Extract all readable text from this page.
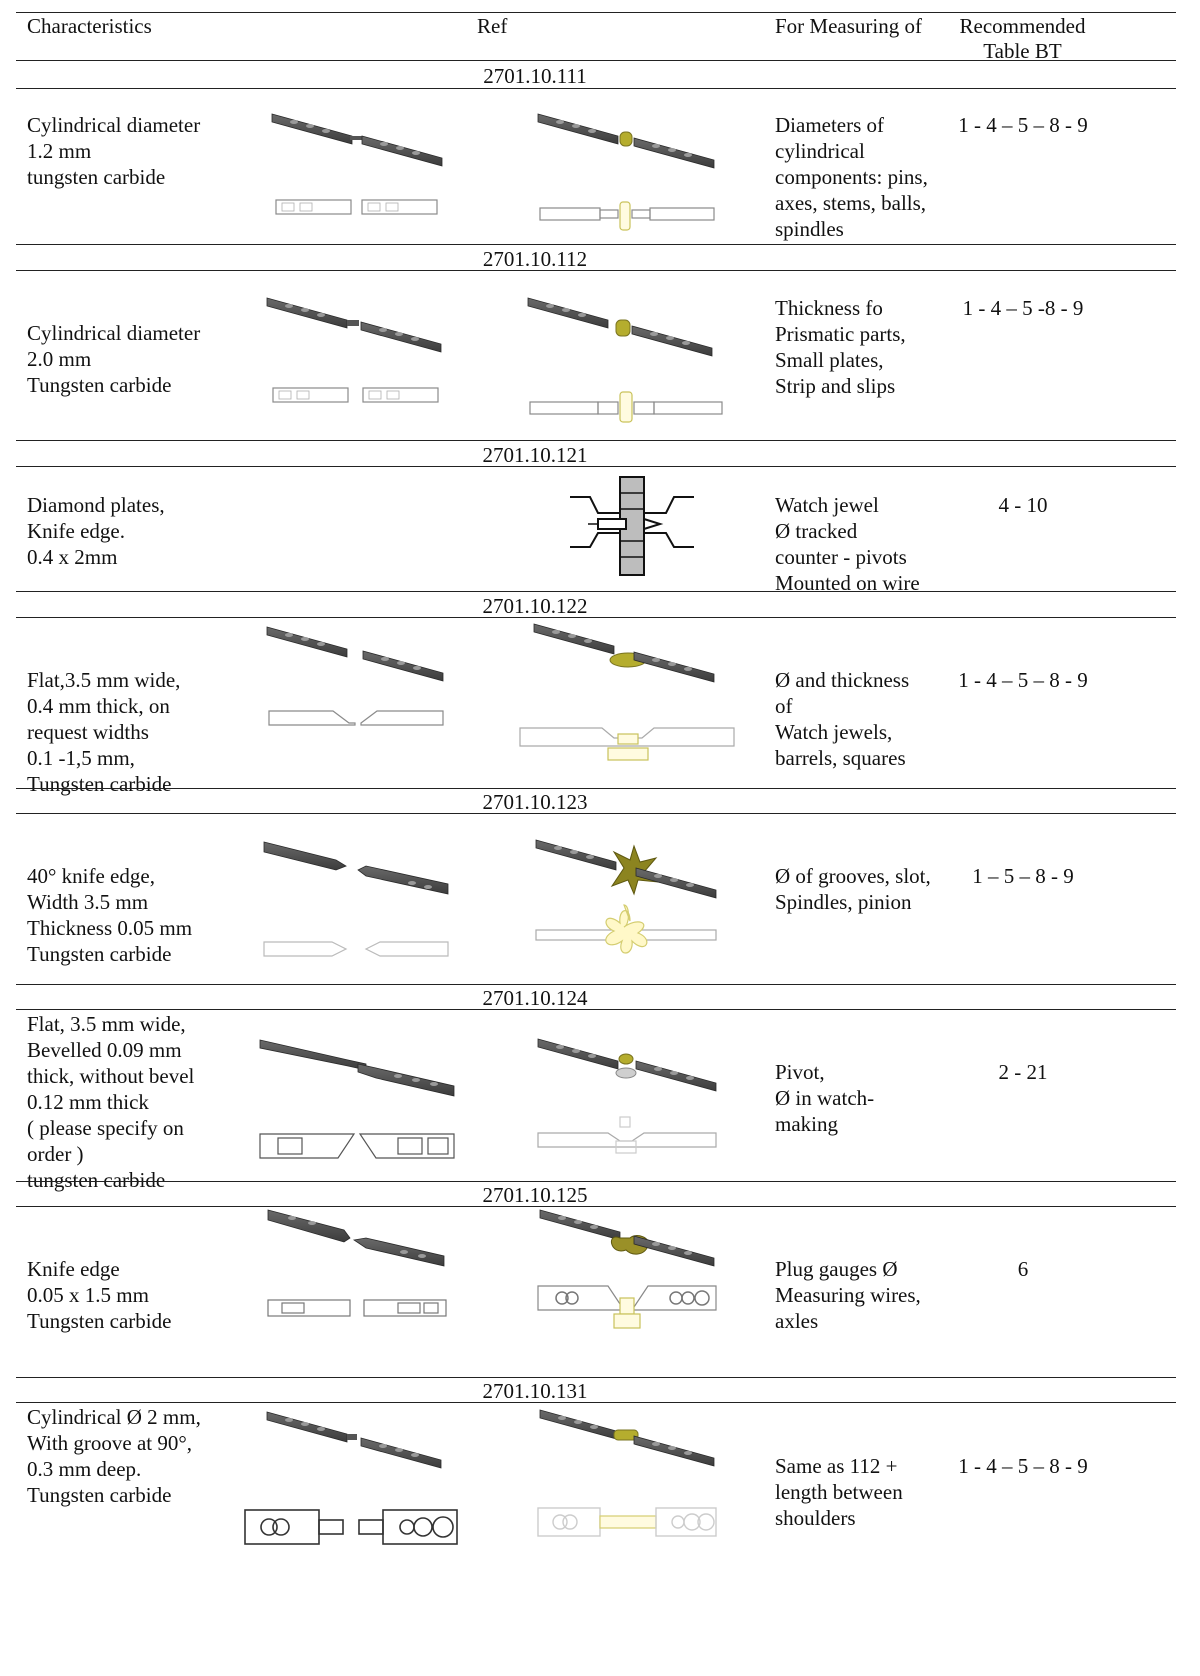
Characteristics	Ref	For Measuring of Recommended
Table BT
2701.10.111
Cylindrical diameter
1.2 mm
tungsten carbide
Diameters of
cylindrical
components: pins,
axes, stems, balls,
spindles
1 - 4 – 5 – 8 - 9
2701.10.112
Cylindrical diameter
2.0 mm
Tungsten carbide
Thickness fo
Prismatic parts,
Small plates,
Strip and slips
1 - 4 – 5 -8 - 9
2701.10.121
Diamond plates,
Knife edge.
0.4 x 2mm
Watch jewel
Ø tracked
counter - pivots
Mounted on wire
4 - 10
2701.10.122
Flat,3.5 mm wide,
0.4 mm thick, on
request widths
0.1 -1,5 mm,
Tungsten carbide
Ø and thickness
of
Watch jewels,
barrels, squares
1 - 4 – 5 – 8 - 9
2701.10.123
40° knife edge,
Width 3.5 mm
Thickness 0.05 mm
Tungsten carbide
Ø of grooves, slot,
Spindles, pinion
1 – 5 – 8 - 9
2701.10.124
Flat, 3.5 mm wide,
Bevelled 0.09 mm
thick, without bevel
0.12 mm thick
( please specify on
order )
tungsten carbide
Pivot,
Ø in watch-
making
2 - 21
2701.10.125
Knife edge
0.05 x 1.5 mm
Tungsten carbide
Plug gauges Ø
Measuring wires,
axles
6
2701.10.131
Cylindrical Ø 2 mm,
With groove at 90°,
0.3 mm deep.
Tungsten carbide
Same as 112 +
length between
shoulders
1 - 4 – 5 – 8 - 9
